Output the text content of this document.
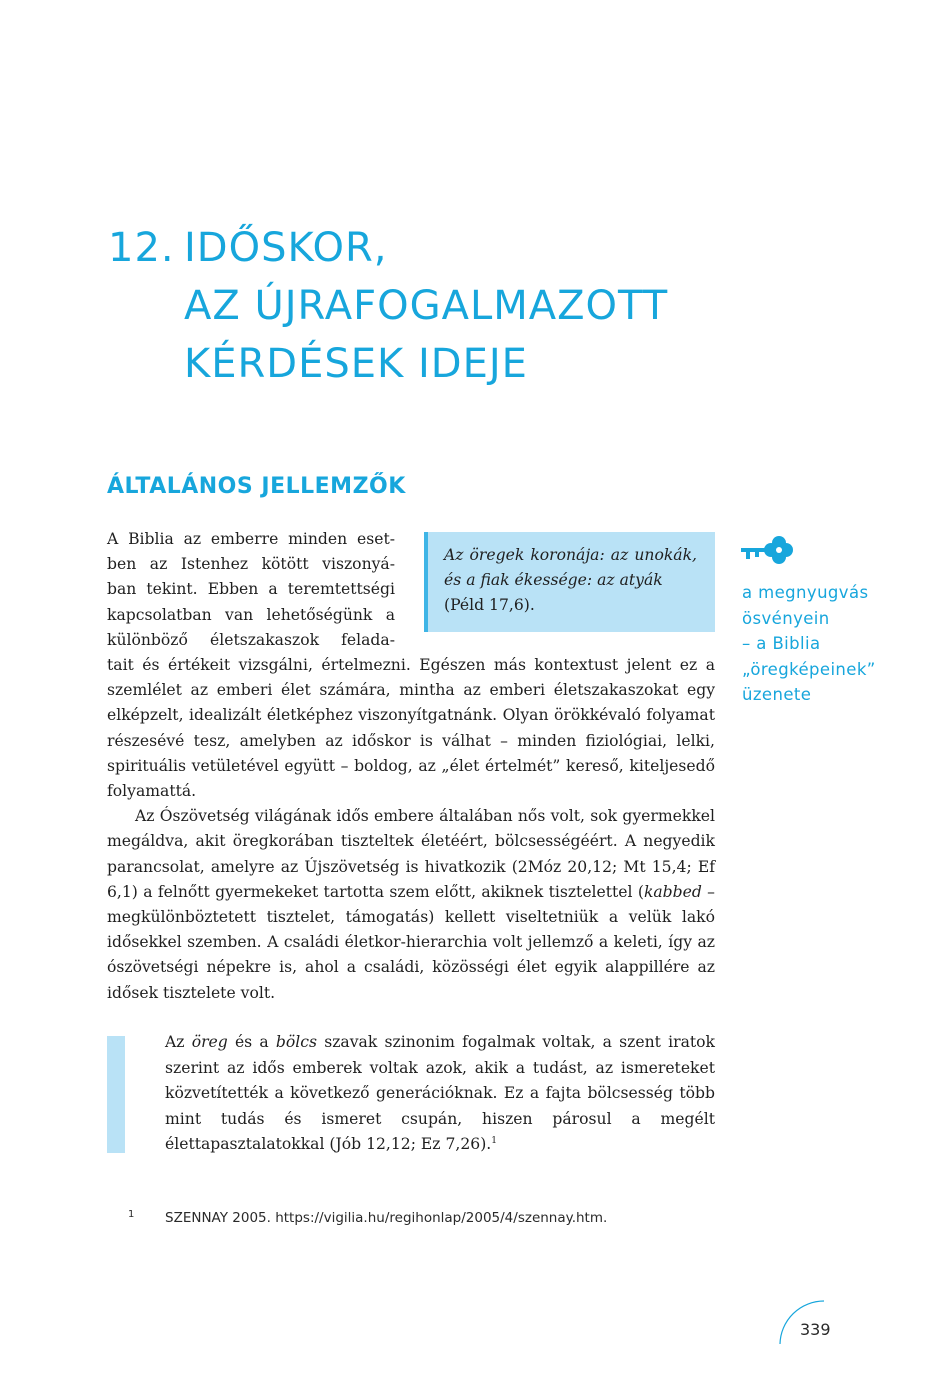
12. IDŐSKOR,
AZ ÚJRAFOGALMAZOTT
KÉRDÉSEK IDEJE
ÁLTALÁNOS JELLEMZŐK
Az öregek koronája: az unokák, és a fiak ékessége: az atyák
(Péld 17,6).
a megnyugvás
ösvényein
– a Biblia
„öregképeinek”
üzenete
A Biblia az emberre minden eset-
ben az Istenhez kötött viszonyá-
ban tekint. Ebben a teremtettségi
kapcsolatban van lehetőségünk a
különböző életszakaszok felada-

tait és értékeit vizsgálni, értelmezni. Egészen más kontextust jelent ez a szemlélet az emberi élet számára, mintha az emberi életszakaszokat egy elképzelt, idealizált életképhez viszonyítgatnánk. Olyan örökkévaló folyamat részesévé tesz, amelyben az időskor is válhat – minden fiziológiai, lelki, spirituális vetületével együtt – boldog, az „élet értelmét” kereső, kiteljesedő folyamattá.

Az Ószövetség világának idős embere általában nős volt, sok gyermekkel megáldva, akit öregkorában tiszteltek életéért, bölcsességéért. A negyedik parancsolat, amelyre az Újszövetség is hivatkozik (2Móz 20,12; Mt 15,4; Ef 6,1) a felnőtt gyermekeket tartotta szem előtt, akiknek tisztelettel (kabbed – megkülönböztetett tisztelet, támogatás) kellett viseltetniük a velük lakó idősekkel szemben. A családi életkor-hierarchia volt jellemző a keleti, így az ószövetségi népekre is, ahol a családi, közösségi élet egyik alappillére az idősek tisztelete volt.

Az öreg és a bölcs szavak szinonim fogalmak voltak, a szent iratok szerint az idős emberek voltak azok, akik a tudást, az ismereteket közvetítették a következő generációknak. Ez a fajta bölcsesség több mint tudás és ismeret csupán, hiszen párosul a megélt élettapasztalatokkal (Jób 12,12; Ez 7,26).$^1$
1 SZENNAY 2005. https://vigilia.hu/regihonlap/2005/4/szennay.htm.
339
